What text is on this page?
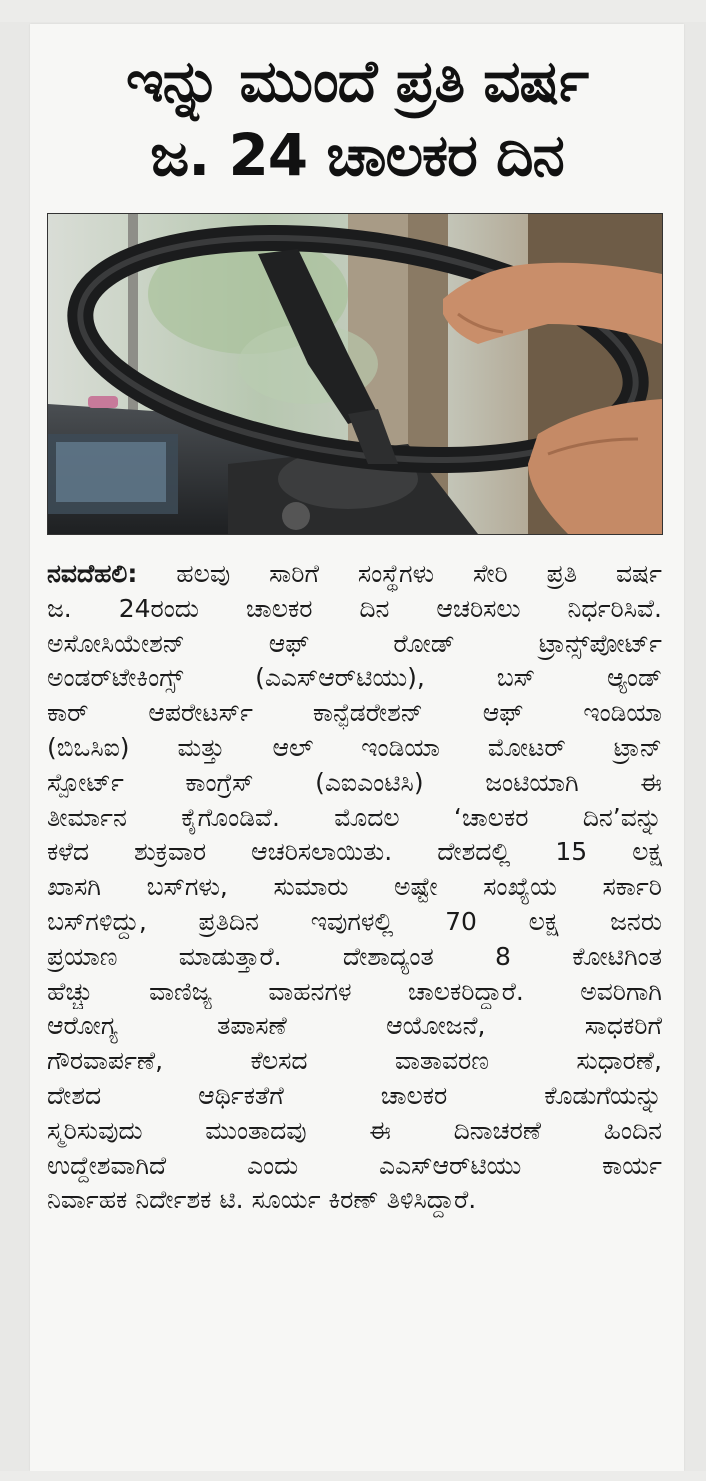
ಇನ್ನು ಮುಂದೆ ಪ್ರತಿ ವರ್ಷ
ಜ. 24 ಚಾಲಕರ ದಿನ
ನವದೆಹಲಿ: ಹಲವು ಸಾರಿಗೆ ಸಂಸ್ಥೆಗಳು ಸೇರಿ ಪ್ರತಿ ವರ್ಷ
ಜ. 24ರಂದು ಚಾಲಕರ ದಿನ ಆಚರಿಸಲು ನಿರ್ಧರಿಸಿವೆ.
ಅಸೋಸಿಯೇಶನ್ ಆಫ್ ರೋಡ್ ಟ್ರಾನ್ಸ್‌ಪೋರ್ಟ್
ಅಂಡರ್‌ಟೇಕಿಂಗ್ಸ್ (ಎಎಸ್‌ಆರ್‌ಟಿಯು), ಬಸ್ ಆ್ಯಂಡ್
ಕಾರ್ ಆಪರೇಟರ್ಸ್ ಕಾನ್ಫೆಡರೇಶನ್ ಆಫ್ ಇಂಡಿಯಾ
(ಬಿಒಸಿಐ) ಮತ್ತು ಆಲ್ ಇಂಡಿಯಾ ಮೋಟರ್ ಟ್ರಾನ್
ಸ್ಪೋರ್ಟ್ ಕಾಂಗ್ರೆಸ್ (ಎಐಎಂಟಿಸಿ) ಜಂಟಿಯಾಗಿ ಈ
ತೀರ್ಮಾನ ಕೈಗೊಂಡಿವೆ. ಮೊದಲ ‘ಚಾಲಕರ ದಿನ’ವನ್ನು
ಕಳೆದ ಶುಕ್ರವಾರ ಆಚರಿಸಲಾಯಿತು. ದೇಶದಲ್ಲಿ 15 ಲಕ್ಷ
ಖಾಸಗಿ ಬಸ್‌ಗಳು, ಸುಮಾರು ಅಷ್ಟೇ ಸಂಖ್ಯೆಯ ಸರ್ಕಾರಿ
ಬಸ್‌ಗಳಿದ್ದು, ಪ್ರತಿದಿನ ಇವುಗಳಲ್ಲಿ 70 ಲಕ್ಷ ಜನರು
ಪ್ರಯಾಣ ಮಾಡುತ್ತಾರೆ. ದೇಶಾದ್ಯಂತ 8 ಕೋಟಿಗಿಂತ
ಹೆಚ್ಚು ವಾಣಿಜ್ಯ ವಾಹನಗಳ ಚಾಲಕರಿದ್ದಾರೆ. ಅವರಿಗಾಗಿ
ಆರೋಗ್ಯ ತಪಾಸಣೆ ಆಯೋಜನೆ, ಸಾಧಕರಿಗೆ
ಗೌರವಾರ್ಪಣೆ, ಕೆಲಸದ ವಾತಾವರಣ ಸುಧಾರಣೆ,
ದೇಶದ ಆರ್ಥಿಕತೆಗೆ ಚಾಲಕರ ಕೊಡುಗೆಯನ್ನು
ಸ್ಮರಿಸುವುದು ಮುಂತಾದವು ಈ ದಿನಾಚರಣೆ ಹಿಂದಿನ
ಉದ್ದೇಶವಾಗಿದೆ ಎಂದು ಎಎಸ್‌ಆರ್‌ಟಿಯು ಕಾರ್ಯ
ನಿರ್ವಾಹಕ ನಿರ್ದೇಶಕ ಟಿ. ಸೂರ್ಯ ಕಿರಣ್ ತಿಳಿಸಿದ್ದಾರೆ.
